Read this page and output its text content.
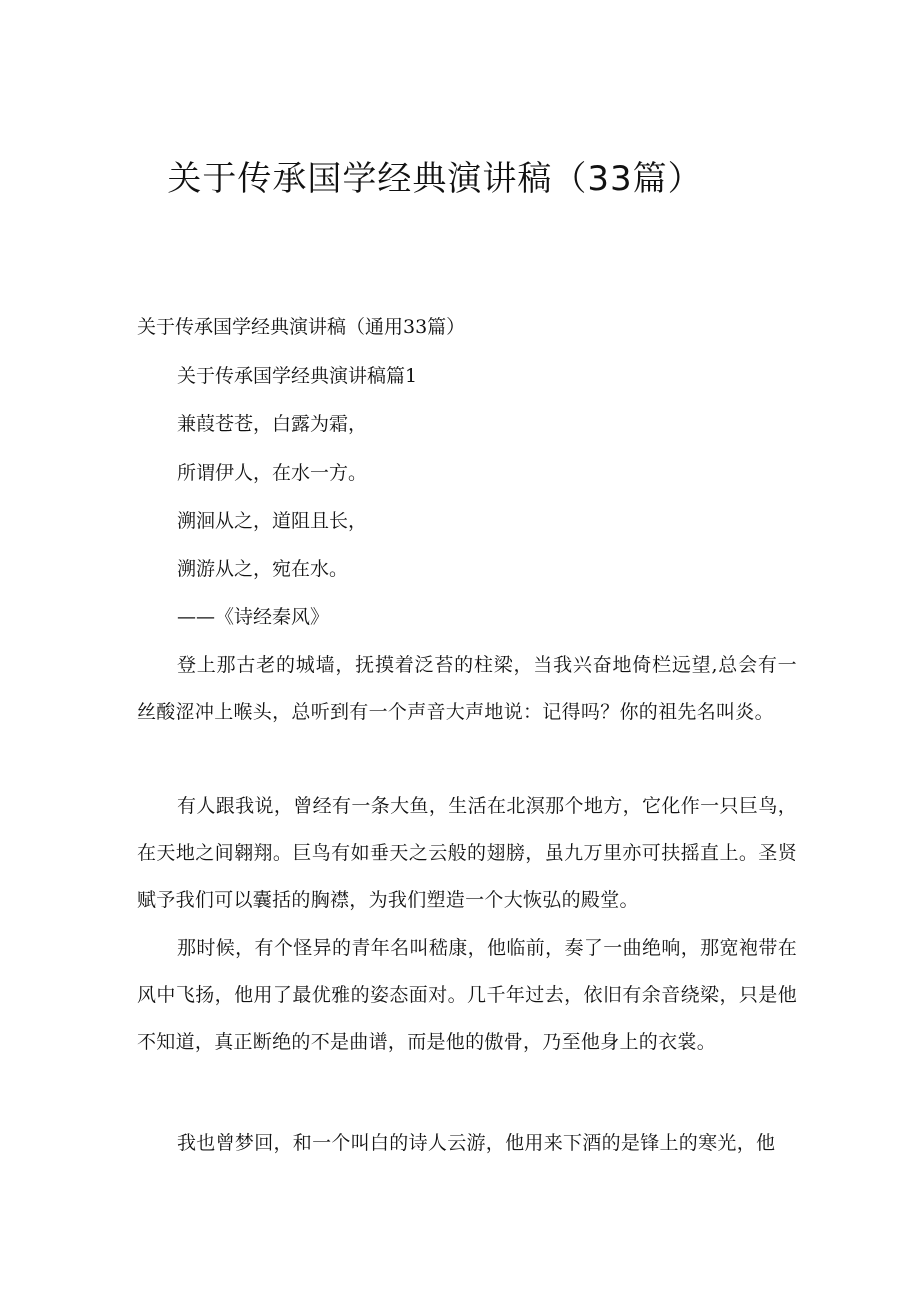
关于传承国学经典演讲稿（33篇）

关于传承国学经典演讲稿（通用33篇）

关于传承国学经典演讲稿篇1

兼葭苍苍，白露为霜，

所谓伊人，在水一方。

溯洄从之，道阻且长，

溯游从之，宛在水。

——《诗经秦风》

登上那古老的城墙，抚摸着泛苔的柱梁，当我兴奋地倚栏远望,总会有一丝酸涩冲上喉头，总听到有一个声音大声地说：记得吗？你的祖先名叫炎。

有人跟我说，曾经有一条大鱼，生活在北溟那个地方，它化作一只巨鸟，在天地之间翱翔。巨鸟有如垂天之云般的翅膀，虽九万里亦可扶摇直上。圣贤赋予我们可以囊括的胸襟，为我们塑造一个大恢弘的殿堂。

那时候，有个怪异的青年名叫嵇康，他临前，奏了一曲绝响，那宽袍带在风中飞扬，他用了最优雅的姿态面对。几千年过去，依旧有余音绕梁，只是他不知道，真正断绝的不是曲谱，而是他的傲骨，乃至他身上的衣裳。

我也曾梦回，和一个叫白的诗人云游，他用来下酒的是锋上的寒光，他
